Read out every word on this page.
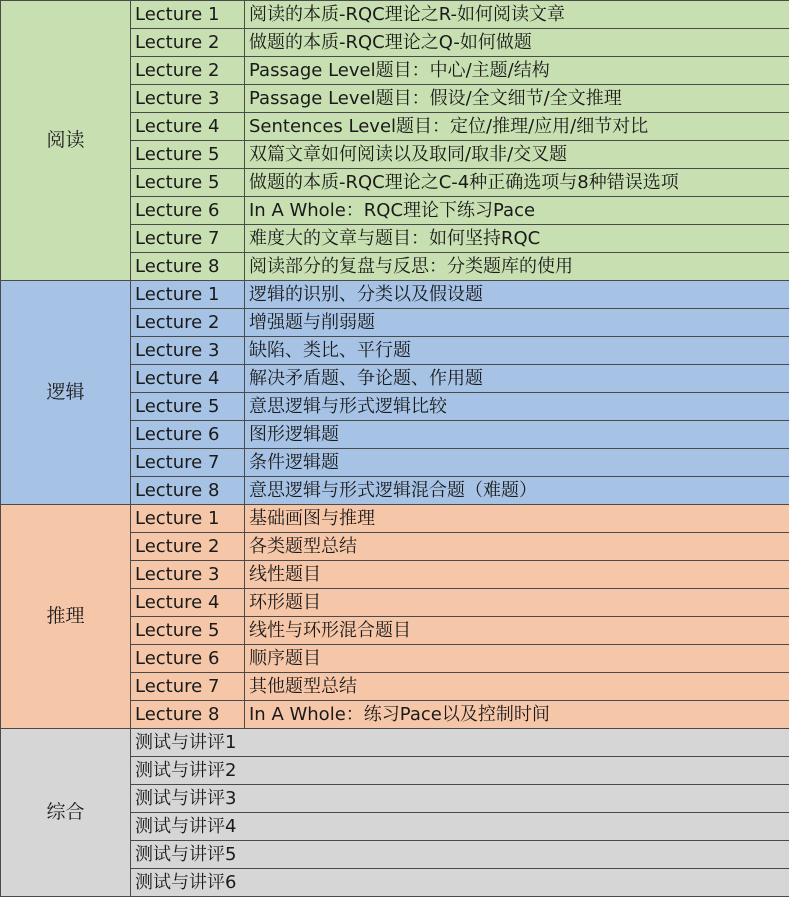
阅读	Lecture 1	阅读的本质-RQC理论之R-如何阅读文章
	Lecture 2	做题的本质-RQC理论之Q-如何做题
	Lecture 2	Passage Level题目：中心/主题/结构
	Lecture 3	Passage Level题目：假设/全文细节/全文推理
	Lecture 4	Sentences Level题目：定位/推理/应用/细节对比
	Lecture 5	双篇文章如何阅读以及取同/取非/交叉题
	Lecture 5	做题的本质-RQC理论之C-4种正确选项与8种错误选项
	Lecture 6	In A Whole：RQC理论下练习Pace
	Lecture 7	难度大的文章与题目：如何坚持RQC
	Lecture 8	阅读部分的复盘与反思：分类题库的使用
逻辑	Lecture 1	逻辑的识别、分类以及假设题
	Lecture 2	增强题与削弱题
	Lecture 3	缺陷、类比、平行题
	Lecture 4	解决矛盾题、争论题、作用题
	Lecture 5	意思逻辑与形式逻辑比较
	Lecture 6	图形逻辑题
	Lecture 7	条件逻辑题
	Lecture 8	意思逻辑与形式逻辑混合题（难题）
推理	Lecture 1	基础画图与推理
	Lecture 2	各类题型总结
	Lecture 3	线性题目
	Lecture 4	环形题目
	Lecture 5	线性与环形混合题目
	Lecture 6	顺序题目
	Lecture 7	其他题型总结
	Lecture 8	In A Whole：练习Pace以及控制时间
综合	测试与讲评1	
	测试与讲评2	
	测试与讲评3	
	测试与讲评4	
	测试与讲评5	
	测试与讲评6	
